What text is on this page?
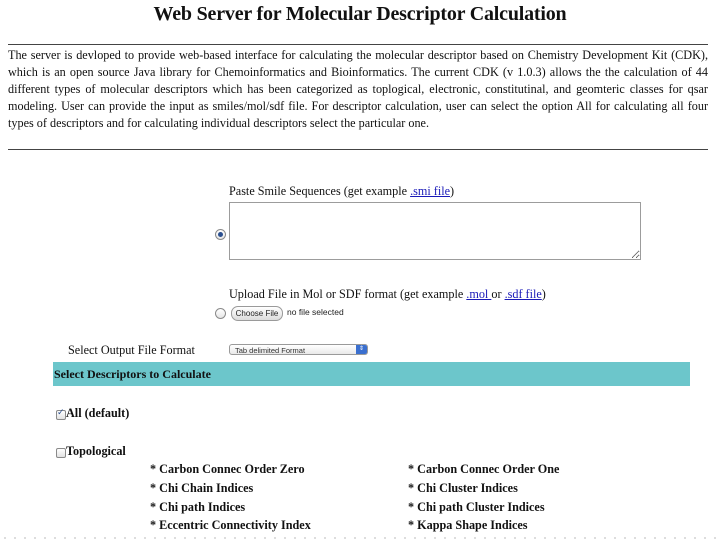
Web Server for Molecular Descriptor Calculation
The server is devloped to provide web-based interface for calculating the molecular descriptor based on Chemistry Development Kit (CDK), which is an open source Java library for Chemoinformatics and Bioinformatics. The current CDK (v 1.0.3) allows the the calculation of 44 different types of molecular descriptors which has been categorized as toplogical, electronic, constitutinal, and geomteric classes for qsar modeling. User can provide the input as smiles/mol/sdf file. For descriptor calculation, user can select the option All for calculating all four types of descriptors and for calculating individual descriptors select the particular one.
Paste Smile Sequences (get example .smi file)
Upload File in Mol or SDF format (get example .mol or .sdf file)
Choose File	no file selected
Select Output File Format	Tab delimited Format	⇕
Select Descriptors to Calculate
✓
All (default)
Topological
* Carbon Connec Order Zero	* Carbon Connec Order One
* Chi Chain Indices	* Chi Cluster Indices
* Chi path Indices	* Chi path Cluster Indices
* Eccentric Connectivity Index	* Kappa Shape Indices
